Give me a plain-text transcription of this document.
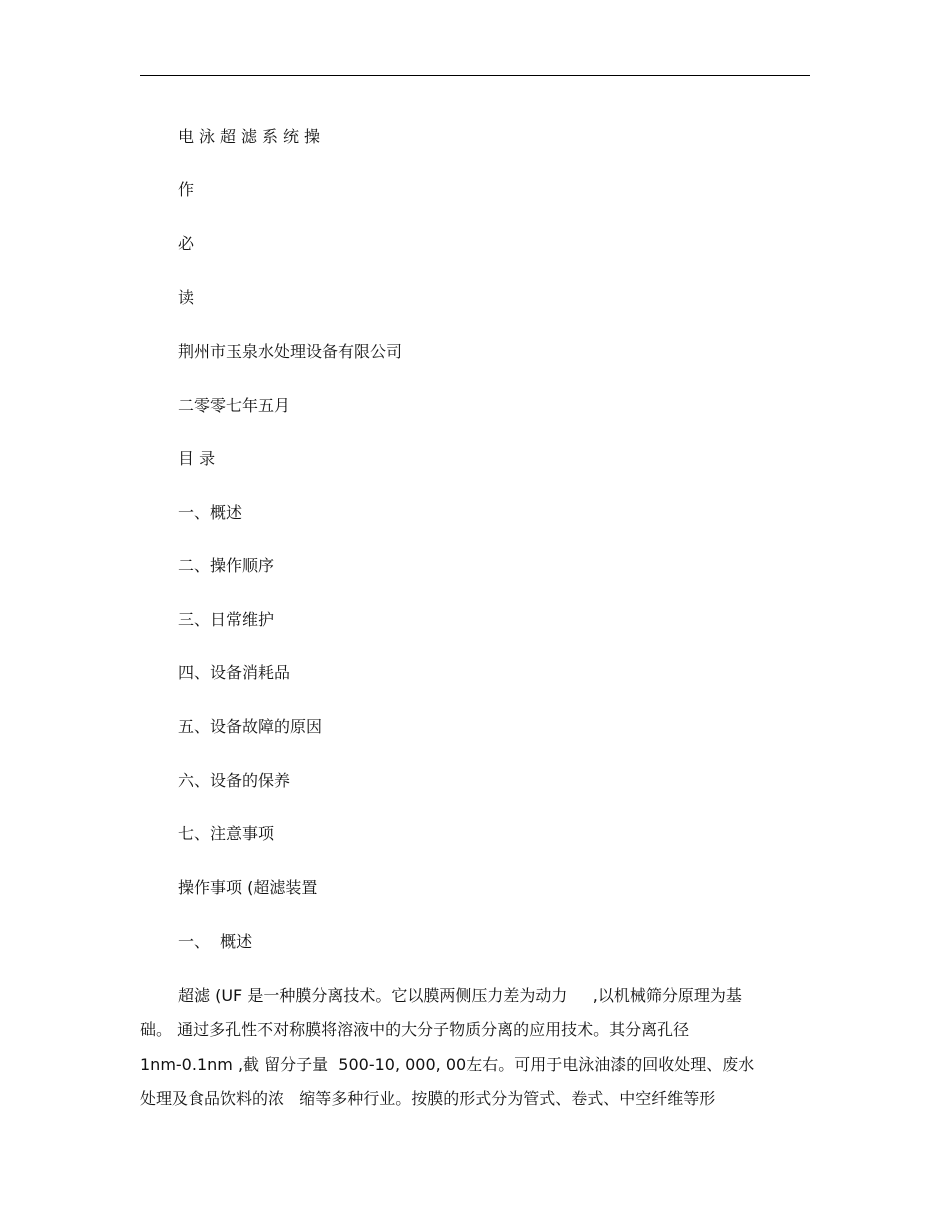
电泳超滤系统操
作
必
读
荆州市玉泉水处理设备有限公司
二零零七年五月
目 录
一、概述
二、操作顺序
三、日常维护
四、设备消耗品
五、设备故障的原因
六、设备的保养
七、注意事项
操作事项 (超滤装置
一、  概述
超滤 (UF 是一种膜分离技术。它以膜两侧压力差为动力     ,以机械筛分原理为基
础。 通过多孔性不对称膜将溶液中的大分子物质分离的应用技术。其分离孔径
1nm-0.1nm ,截 留分子量  500-10, 000, 00左右。可用于电泳油漆的回收处理、废水
处理及食品饮料的浓   缩等多种行业。按膜的形式分为管式、卷式、中空纤维等形
